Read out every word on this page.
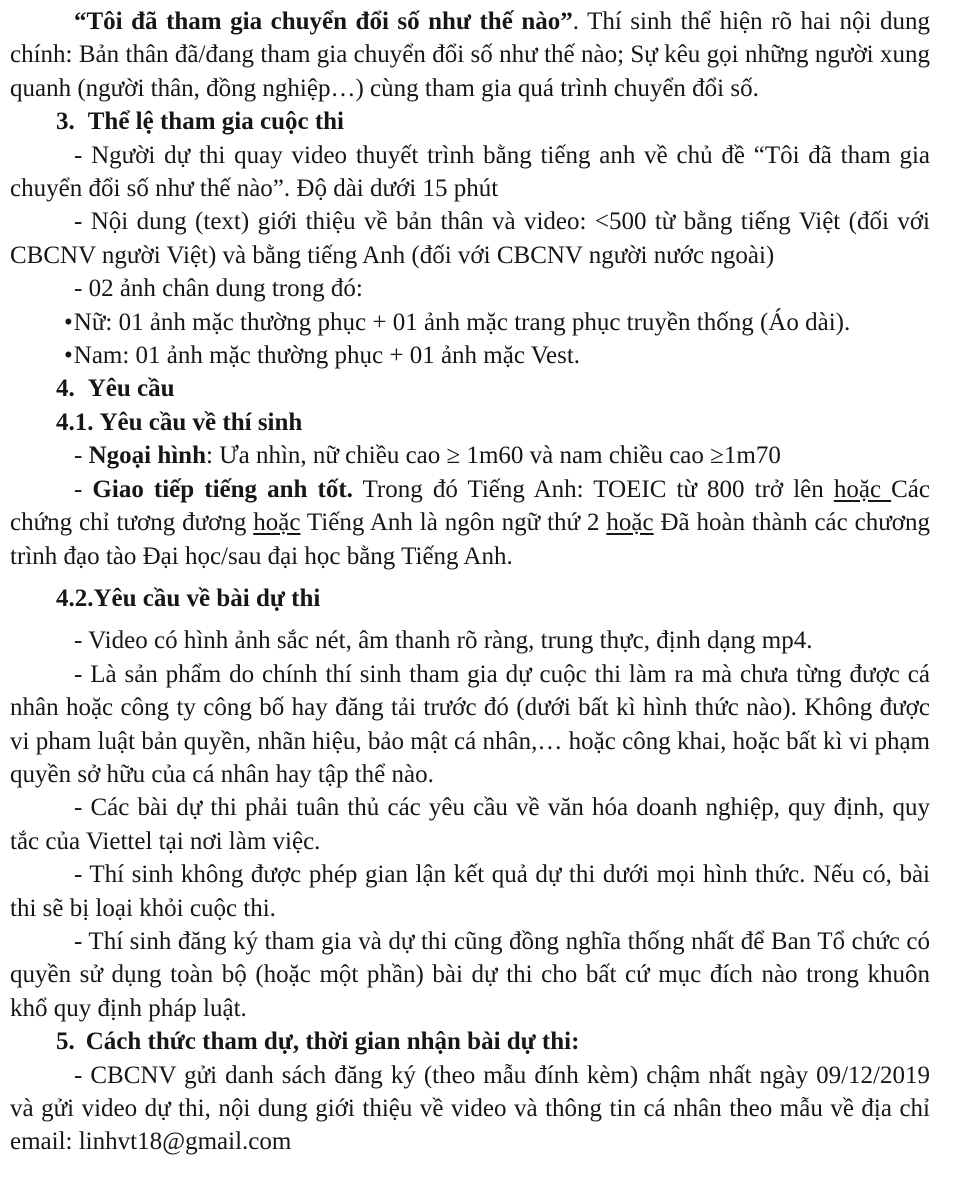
“Tôi đã tham gia chuyển đổi số như thế nào”. Thí sinh thể hiện rõ hai nội dung chính: Bản thân đã/đang tham gia chuyển đổi số như thế nào; Sự kêu gọi những người xung quanh (người thân, đồng nghiệp…) cùng tham gia quá trình chuyển đổi số.

3. Thể lệ tham gia cuộc thi

- Người dự thi quay video thuyết trình bằng tiếng anh về chủ đề “Tôi đã tham gia chuyển đổi số như thế nào”. Độ dài dưới 15 phút

- Nội dung (text) giới thiệu về bản thân và video: <500 từ bằng tiếng Việt (đối với CBCNV người Việt) và bằng tiếng Anh (đối với CBCNV người nước ngoài)

- 02 ảnh chân dung trong đó:

•Nữ: 01 ảnh mặc thường phục + 01 ảnh mặc trang phục truyền thống (Áo dài).

•Nam: 01 ảnh mặc thường phục + 01 ảnh mặc Vest.

4. Yêu cầu

4.1. Yêu cầu về thí sinh

- Ngoại hình: Ưa nhìn, nữ chiều cao ≥ 1m60 và nam chiều cao ≥1m70

- Giao tiếp tiếng anh tốt. Trong đó Tiếng Anh: TOEIC từ 800 trở lên hoặc Các chứng chỉ tương đương hoặc Tiếng Anh là ngôn ngữ thứ 2 hoặc Đã hoàn thành các chương trình đạo tào Đại học/sau đại học bằng Tiếng Anh.

4.2.Yêu cầu về bài dự thi

- Video có hình ảnh sắc nét, âm thanh rõ ràng, trung thực, định dạng mp4.

- Là sản phẩm do chính thí sinh tham gia dự cuộc thi làm ra mà chưa từng được cá nhân hoặc công ty công bố hay đăng tải trước đó (dưới bất kì hình thức nào). Không được vi pham luật bản quyền, nhãn hiệu, bảo mật cá nhân,… hoặc công khai, hoặc bất kì vi phạm quyền sở hữu của cá nhân hay tập thể nào.

- Các bài dự thi phải tuân thủ các yêu cầu về văn hóa doanh nghiệp, quy định, quy tắc của Viettel tại nơi làm việc.

- Thí sinh không được phép gian lận kết quả dự thi dưới mọi hình thức. Nếu có, bài thi sẽ bị loại khỏi cuộc thi.

- Thí sinh đăng ký tham gia và dự thi cũng đồng nghĩa thống nhất để Ban Tổ chức có quyền sử dụng toàn bộ (hoặc một phần) bài dự thi cho bất cứ mục đích nào trong khuôn khổ quy định pháp luật.

5. Cách thức tham dự, thời gian nhận bài dự thi:

- CBCNV gửi danh sách đăng ký (theo mẫu đính kèm) chậm nhất ngày 09/12/2019 và gửi video dự thi, nội dung giới thiệu về video và thông tin cá nhân theo mẫu về địa chỉ email: linhvt18@gmail.com
